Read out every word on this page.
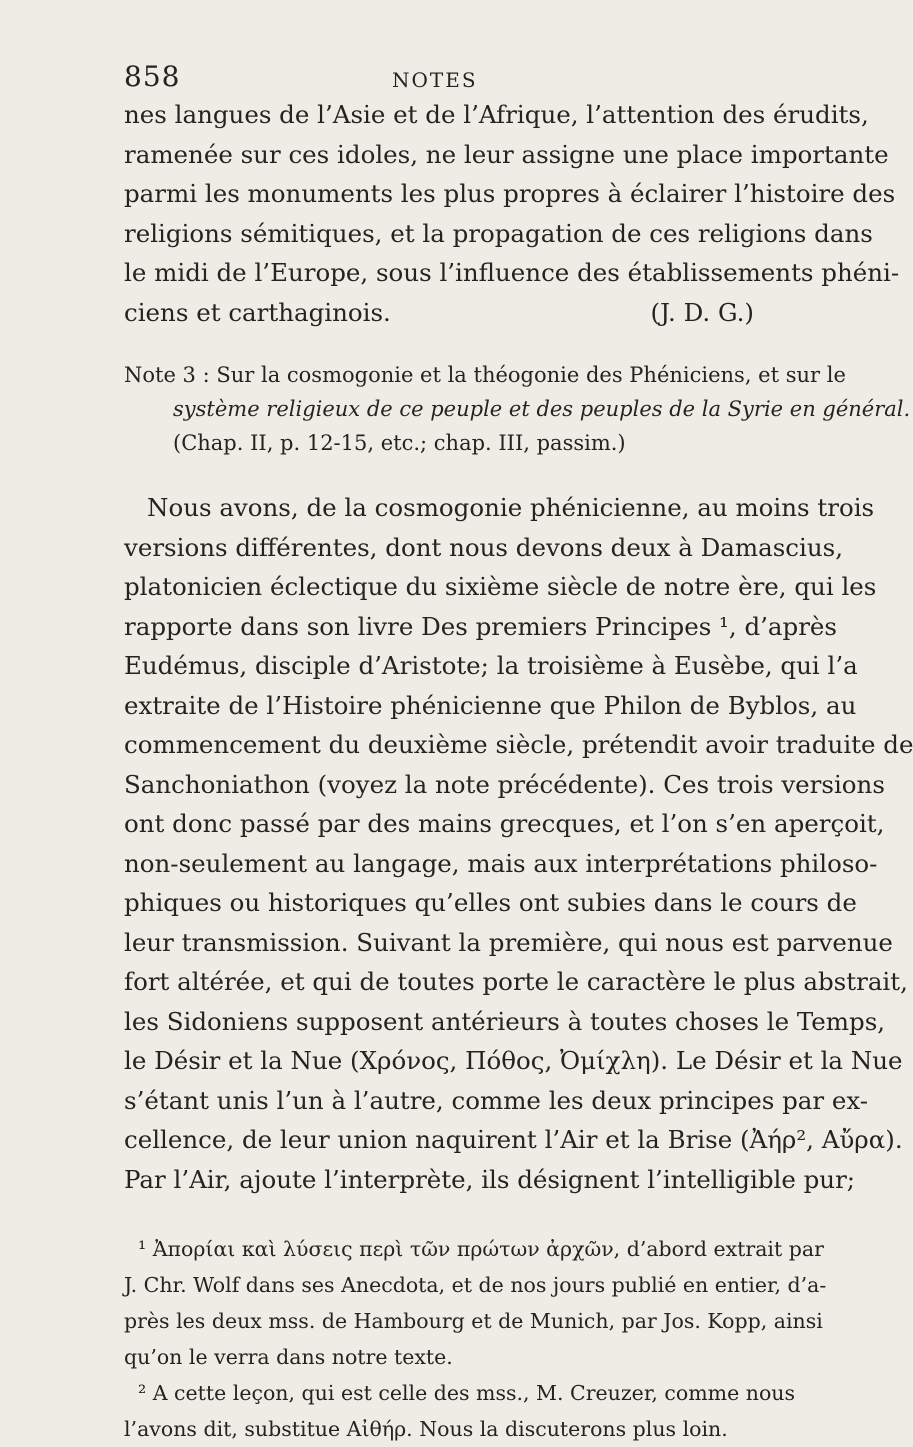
858	NOTES
nes langues de l’Asie et de l’Afrique, l’attention des érudits,
ramenée sur ces idoles, ne leur assigne une place importante
parmi les monuments les plus propres à éclairer l’histoire des
religions sémitiques, et la propagation de ces religions dans
le midi de l’Europe, sous l’influence des établissements phéni-
ciens et carthaginois.	(J. D. G.)
Note 3 : Sur la cosmogonie et la théogonie des Phéniciens, et sur le
système religieux de ce peuple et des peuples de la Syrie en général.
(Chap. II, p. 12-15, etc.; chap. III, passim.)
Nous avons, de la cosmogonie phénicienne, au moins trois
versions différentes, dont nous devons deux à Damascius,
platonicien éclectique du sixième siècle de notre ère, qui les
rapporte dans son livre Des premiers Principes ¹, d’après
Eudémus, disciple d’Aristote; la troisième à Eusèbe, qui l’a
extraite de l’Histoire phénicienne que Philon de Byblos, au
commencement du deuxième siècle, prétendit avoir traduite de
Sanchoniathon (voyez la note précédente). Ces trois versions
ont donc passé par des mains grecques, et l’on s’en aperçoit,
non-seulement au langage, mais aux interprétations philoso-
phiques ou historiques qu’elles ont subies dans le cours de
leur transmission. Suivant la première, qui nous est parvenue
fort altérée, et qui de toutes porte le caractère le plus abstrait,
les Sidoniens supposent antérieurs à toutes choses le Temps,
le Désir et la Nue (Χρόνος, Πόθος, Ὀμίχλη). Le Désir et la Nue
s’étant unis l’un à l’autre, comme les deux principes par ex-
cellence, de leur union naquirent l’Air et la Brise (Ἀήρ², Αὔρα).
Par l’Air, ajoute l’interprète, ils désignent l’intelligible pur;
¹ Ἀπορίαι καὶ λύσεις περὶ τῶν πρώτων ἀρχῶν, d’abord extrait par
J. Chr. Wolf dans ses Anecdota, et de nos jours publié en entier, d’a-
près les deux mss. de Hambourg et de Munich, par Jos. Kopp, ainsi
qu’on le verra dans notre texte.
² A cette leçon, qui est celle des mss., M. Creuzer, comme nous
l’avons dit, substitue Αἰθήρ. Nous la discuterons plus loin.
